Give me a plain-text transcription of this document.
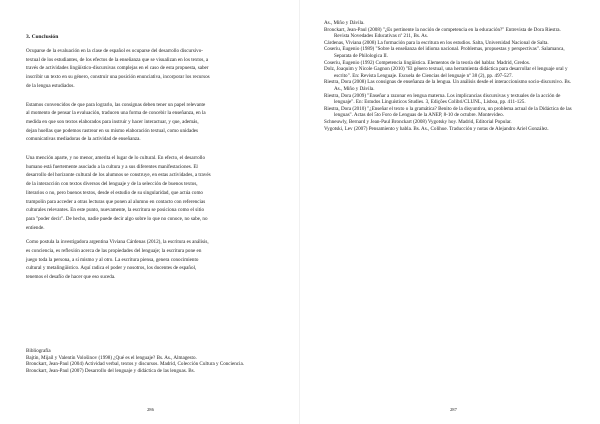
3. Conclusión

Ocuparse de la evaluación en la clase de español es ocuparse del desarrollo discursivo-
textual de los estudiantes, de los efectos de la enseñanza que se visualizan en los textos, a
través de actividades lingüístico-discursivas complejas en el caso de esta propuesta, saber
inscribir un texto en su género, construir una posición enunciativa, incorporar los recursos
de la lengua estudiados.

Estamos convencidos de que para lograrlo, las consignas deben tener un papel relevante
al momento de pensar la evaluación, traducen una forma de concebir la enseñanza, en la
medida en que son textos elaborados para instruir y hacer interactuar, y que, además,
dejan huellas que podemos rastrear en su mismo elaboración textual, como unidades
comunicativas mediadoras de la actividad de enseñanza.

Una mención aparte, y no menor, amerita el lugar de lo cultural. En efecto, el desarrollo
humano está fuertemente asociado a la cultura y a sus diferentes manifestaciones. El
desarrollo del horizonte cultural de los alumnos se construye, en estas actividades, a través
de la interacción con textos diversos del lenguaje y de la selección de buenos textos,
literarios o no, pero buenos textos, desde el estudio de su singularidad, que actúa como
trampolín para acceder a otras lecturas que ponen al alumno en contacto con referencias
culturales relevantes. En este punto, nuevamente, la escritura se posiciona como el sitio
para "poder decir". De hecho, nadie puede decir algo sobre lo que no conoce, no sabe, no
entiende.

Como postula la investigadora argentina Viviana Cárdenas (2012), la escritura es análisis,
es conciencia, es reflexión acerca de las propiedades del lenguaje; la escritura pone en
juego toda la persona, a sí mismo y al otro. La escritura piensa, genera conocimiento
cultural y metalingüístico. Aquí radica el poder y nosotros, los docentes de español,
tenemos el desafío de hacer que eso suceda.

Bibliografía
Bajtín, Mijaíl y Valentín Vološinov (1998) ¿Qué es el lenguaje? Bs. As., Almagesto.
Bronckart, Jean-Paul (2004) Actividad verbal, textos y discursos. Madrid, Colección Cultura y Conciencia.
Bronckart, Jean-Paul (2007) Desarrollo del lenguaje y didáctica de las lenguas. Bs.
286
As., Miño y Dávila.
Bronckart, Jean-Paul (2008) "¿Es pertinente la noción de competencia en la educación?" Entrevista de Dora Riestra. Revista Novedades Educativas nº 211, Bs. As.
Cárdenas, Viviana (2008) La formación para la escritura en los estudios. Salta, Universidad Nacional de Salta.
Coseriu, Eugenio (1989) "Sobre la enseñanza del idioma nacional. Problemas, propuestas y perspectivas". Salamanca, Separata de Philologica II.
Coseriu, Eugenio (1992) Competencia lingüística. Elementos de la teoría del hablar. Madrid, Gredos.
Dolz, Joaquim y Nicole Gagnon (2010) "El género textual, una herramienta didáctica para desarrollar el lenguaje oral y escrito". En: Revista Lenguaje. Escuela de Ciencias del lenguaje nº 38 (2), pp. 497-527.
Riestra, Dora (2008) Las consignas de enseñanza de la lengua. Un análisis desde el interaccionismo socio-discursivo. Bs. As., Miño y Dávila.
Riestra, Dora (2009) "Enseñar a razonar en lengua materna. Los implicancias discursivas y textuales de la acción de lenguaje". En: Estudos Linguísticos Studies. 3, Edições Colibri/CLUNL, Lisboa, pp. 411-125.
Riestra, Dora (2010) "¿Enseñar el texto o la gramática? Benito de la disyuntiva, un problema actual de la Didáctica de las lenguas". Actas del 5to Foro de Lenguas de la ANEP, 8-10 de octubre. Montevideo.
Schneuwly, Bernard y Jean-Paul Bronckart (2008) Vygotsky hoy. Madrid, Editorial Popular.
Vygotski, Lev (2007) Pensamiento y habla. Bs. As., Colihue. Traducción y notas de Alejandro Ariel González.
287
